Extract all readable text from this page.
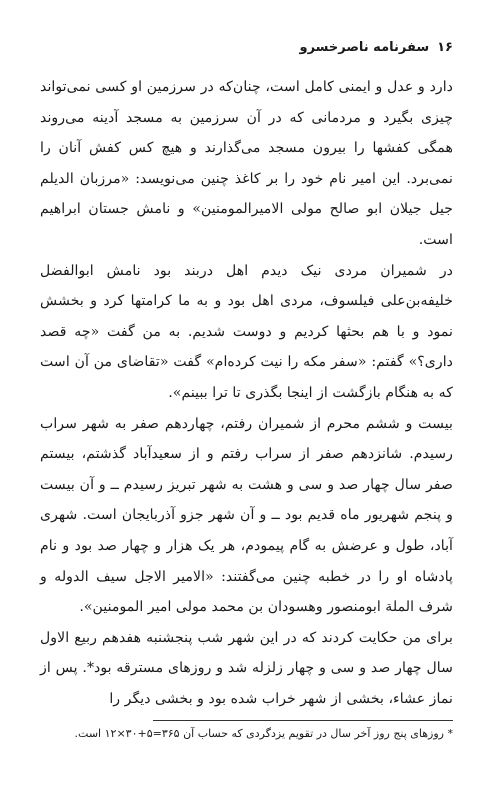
۱۶
سفرنامه ناصرخسرو

دارد و عدل و ایمنی کامل است، چنان‌که در سرزمین او کسی نمی‌تواند چیزی بگیرد و مردمانی که در آن سرزمین به مسجد آدینه می‌روند همگی کفشها را بیرون مسجد می‌گذارند و هیچ کس کفش آنان را نمی‌برد. این امیر نام خود را بر کاغذ چنین می‌نویسد: «مرزبان الدیلم جیل جیلان ابو صالح مولی الامیرالمومنین» و نامش جستان ابراهیم است.

در شمیران مردی نیک دیدم اهل دربند بود نامش ابوالفضل خلیفه‌بن‌علی فیلسوف، مردی اهل بود و به ما کرامتها کرد و بخشش نمود و با هم بحثها کردیم و دوست شدیم. به من گفت «چه قصد داری؟» گفتم: «سفر مکه را نیت کرده‌ام» گفت «تقاضای من آن است که به هنگام بازگشت از اینجا بگذری تا ترا ببینم».

بیست و ششم محرم از شمیران رفتم، چهاردهم صفر به شهر سراب رسیدم. شانزدهم صفر از سراب رفتم و از سعیدآباد گذشتم، بیستم صفر سال چهار صد و سی و هشت به شهر تبریز رسیدم ــ و آن بیست و پنجم شهریور ماه قدیم بود ــ و آن شهر جزو آذربایجان است. شهری آباد، طول و عرضش به گام پیمودم، هر یک هزار و چهار صد بود و نام پادشاه او را در خطبه چنین می‌گفتند: «الامیر الاجل سیف الدوله و شرف الملة ابومنصور وهسودان بن محمد مولی امیر المومنین».

برای من حکایت کردند که در این شهر شب پنجشنبه هفدهم ربیع الاول سال چهار صد و سی و چهار زلزله شد و روزهای مسترقه بود*. پس از نماز عشاء، بخشی از شهر خراب شده بود و بخشی دیگر را

* روزهای پنج روز آخر سال در تقویم یزدگردی که حساب آن ۳۶۵=۵+۳۰×۱۲ است.
